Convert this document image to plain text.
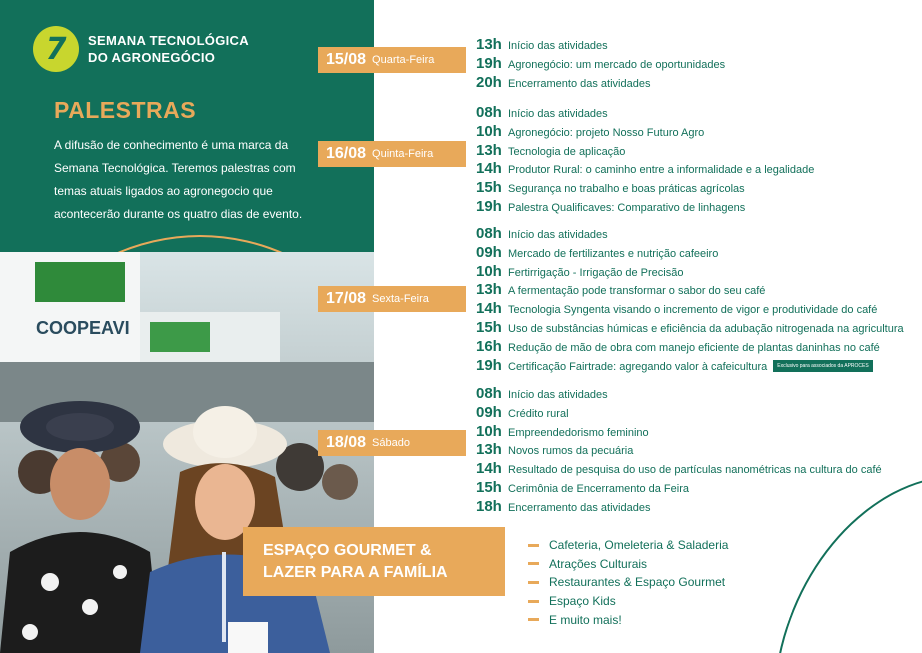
7 SEMANA TECNOLÓGICA
DO AGRONEGÓCIO
PALESTRAS

A difusão de conhecimento é uma marca da Semana Tecnológica. Teremos palestras com temas atuais ligados ao agronegocio que acontecerão durante os quatro dias de evento.

COOPEAVI
15/08 Quarta-Feira
13h Início das atividades
19h Agronegócio: um mercado de oportunidades
20h Encerramento das atividades
16/08 Quinta-Feira
08h Início das atividades
10h Agronegócio: projeto Nosso Futuro Agro
13h Tecnologia de aplicação
14h Produtor Rural: o caminho entre a informalidade e a legalidade
15h Segurança no trabalho e boas práticas agrícolas
19h Palestra Qualificaves: Comparativo de linhagens
17/08 Sexta-Feira
08h Início das atividades
09h Mercado de fertilizantes e nutrição cafeeiro
10h Fertirrigação - Irrigação de Precisão
13h A fermentação pode transformar o sabor do seu café
14h Tecnologia Syngenta visando o incremento de vigor e produtividade do café
15h Uso de substâncias húmicas e eficiência da adubação nitrogenada na agricultura
16h Redução de mão de obra com manejo eficiente de plantas daninhas no café
19h Certificação Fairtrade: agregando valor à cafeicultura	Exclusivo para associados da APROCES
18/08 Sábado
08h Início das atividades
09h Crédito rural
10h Empreendedorismo feminino
13h Novos rumos da pecuária
14h Resultado de pesquisa do uso de partículas nanométricas na cultura do café
15h Cerimônia de Encerramento da Feira
18h Encerramento das atividades
ESPAÇO GOURMET &
LAZER PARA A FAMÍLIA
Cafeteria, Omeleteria & Saladeria
Atrações Culturais
Restaurantes & Espaço Gourmet
Espaço Kids
E muito mais!
